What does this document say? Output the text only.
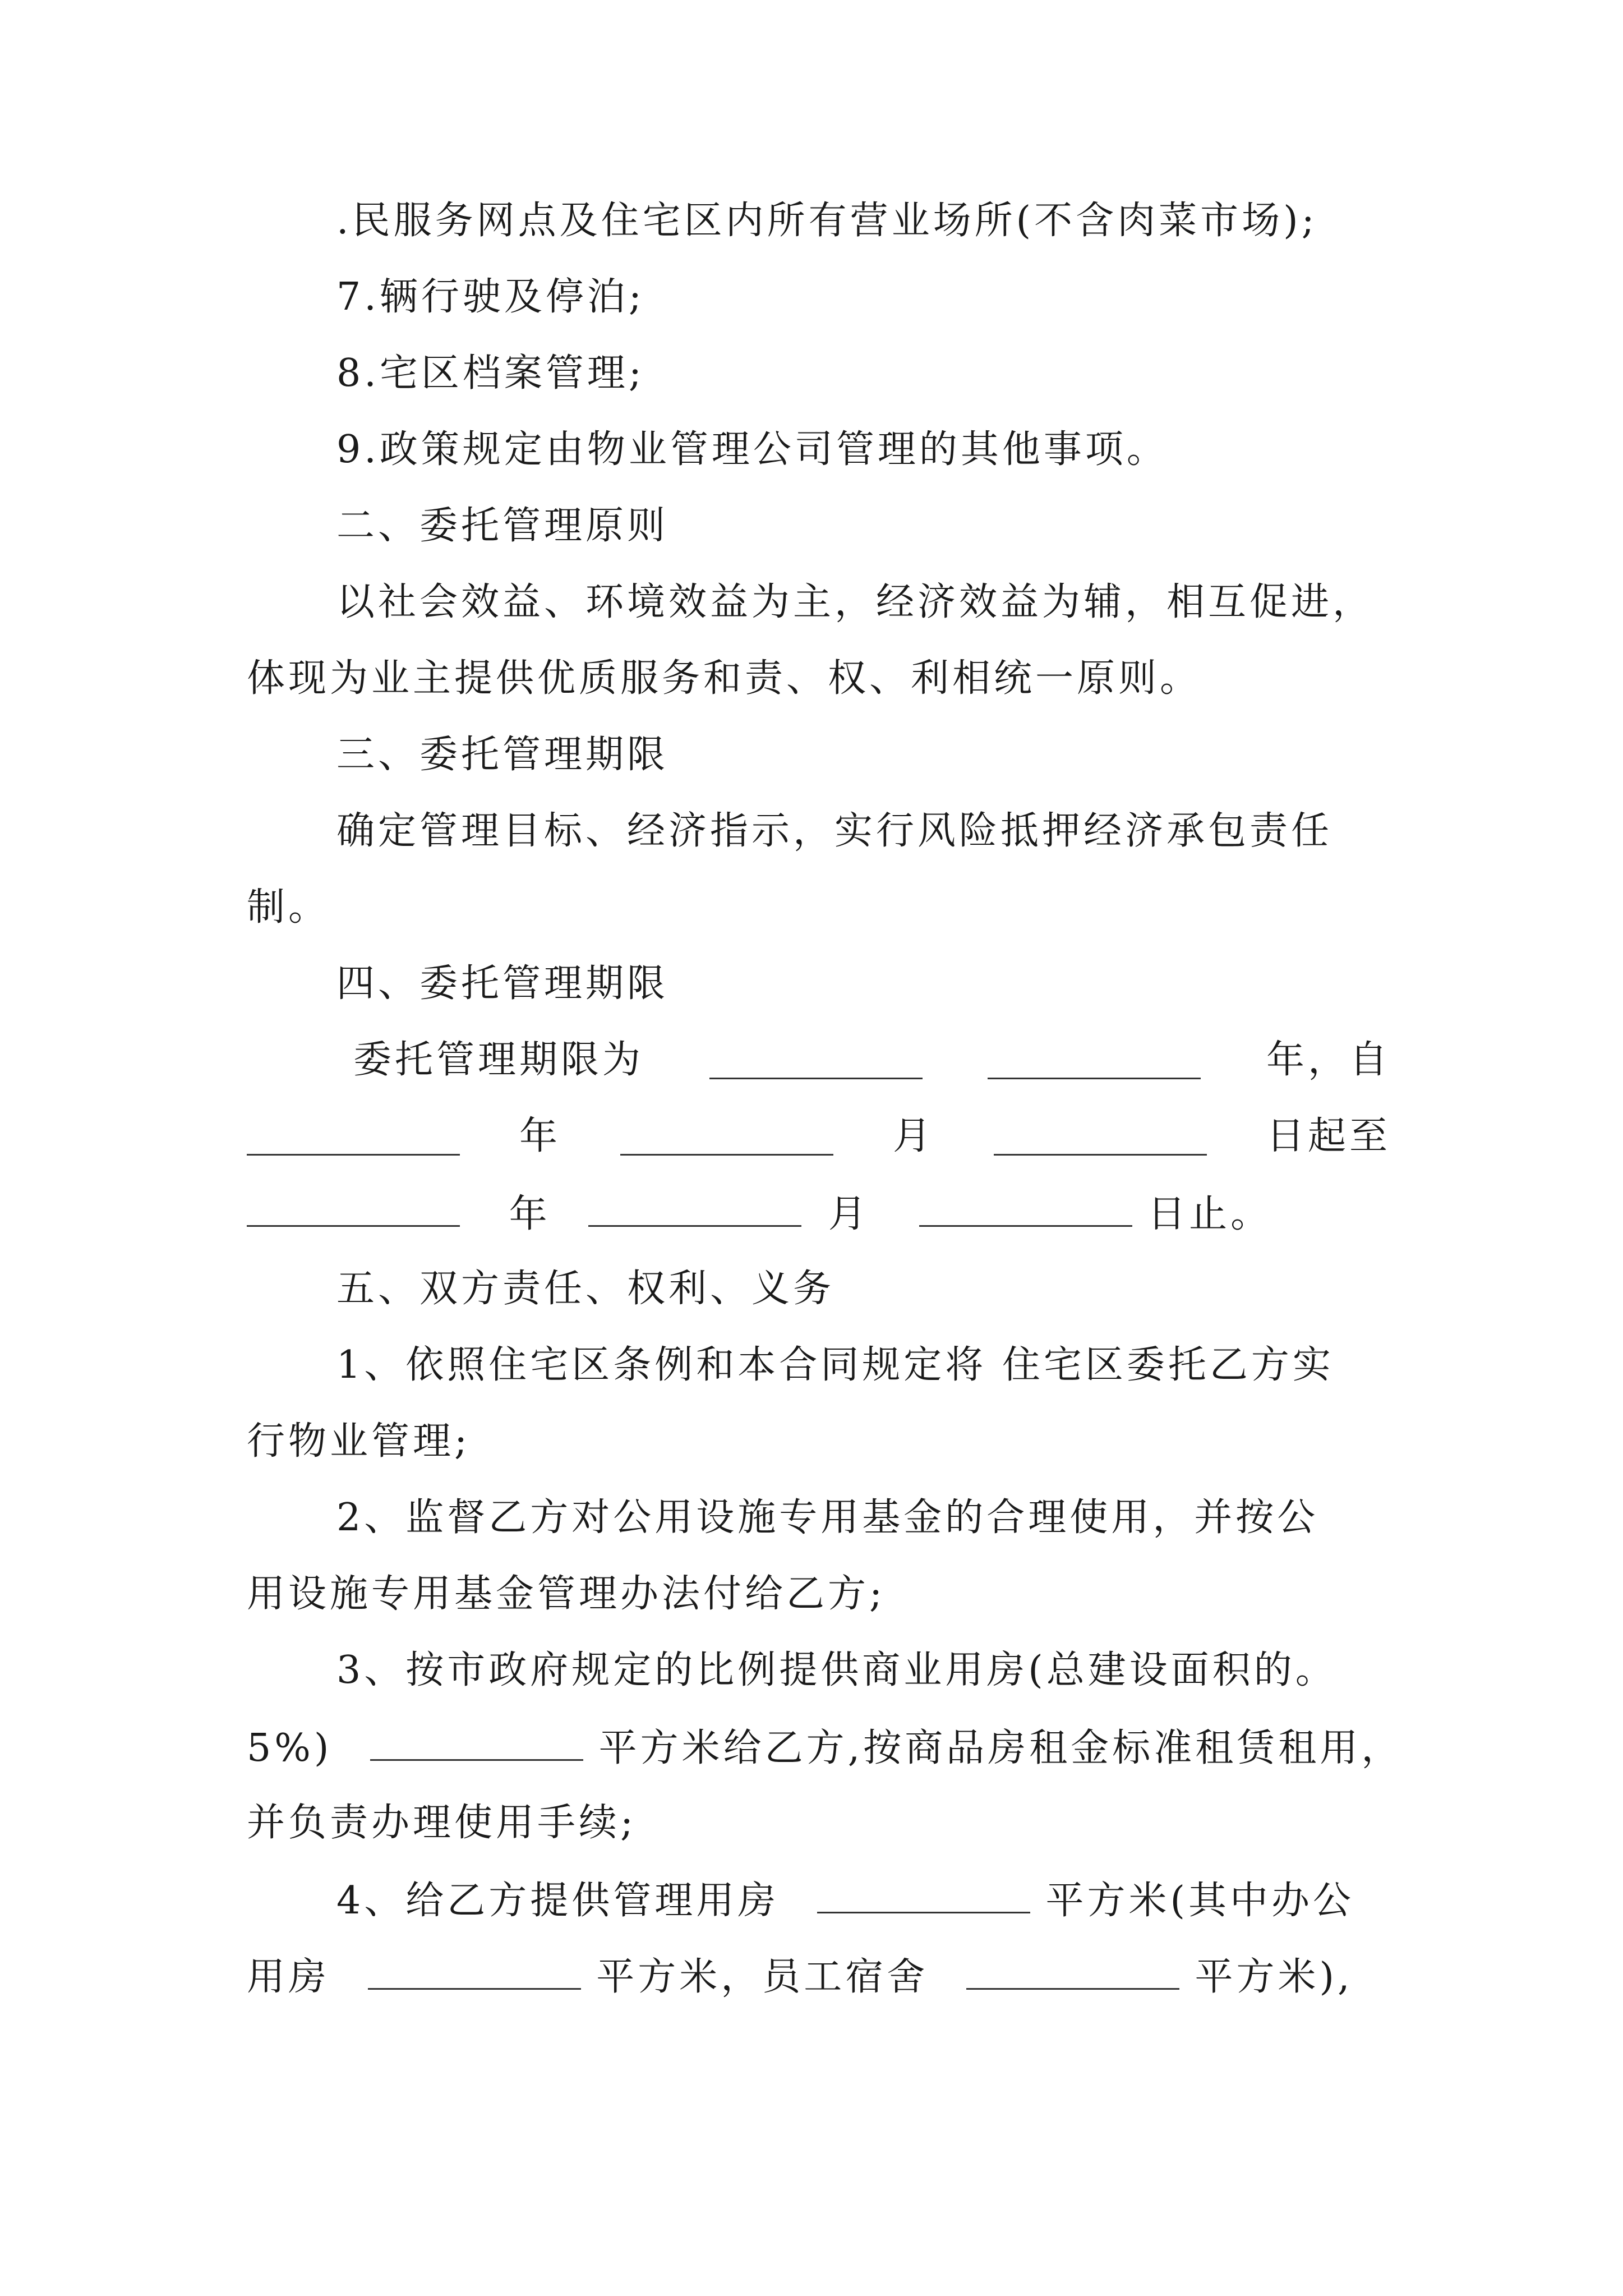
.民服务网点及住宅区内所有营业场所(不含肉菜市场);
7.辆行驶及停泊;
8.宅区档案管理;
9.政策规定由物业管理公司管理的其他事项。
二、委托管理原则
以社会效益、环境效益为主，经济效益为辅，相互促进，
体现为业主提供优质服务和责、权、利相统一原则。
三、委托管理期限
确定管理目标、经济指示，实行风险抵押经济承包责任
制。
四、委托管理期限
委托管理期限为	年，自
年	月	日起至
年	月	日止。
五、双方责任、权利、义务
1、依照住宅区条例和本合同规定将 住宅区委托乙方实
行物业管理;
2、监督乙方对公用设施专用基金的合理使用，并按公
用设施专用基金管理办法付给乙方;
3、按市政府规定的比例提供商业用房(总建设面积的。
5%)	平方米给乙方,按商品房租金标准租赁租用，
并负责办理使用手续;
4、给乙方提供管理用房	平方米(其中办公
用房	平方米，员工宿舍	平方米),
